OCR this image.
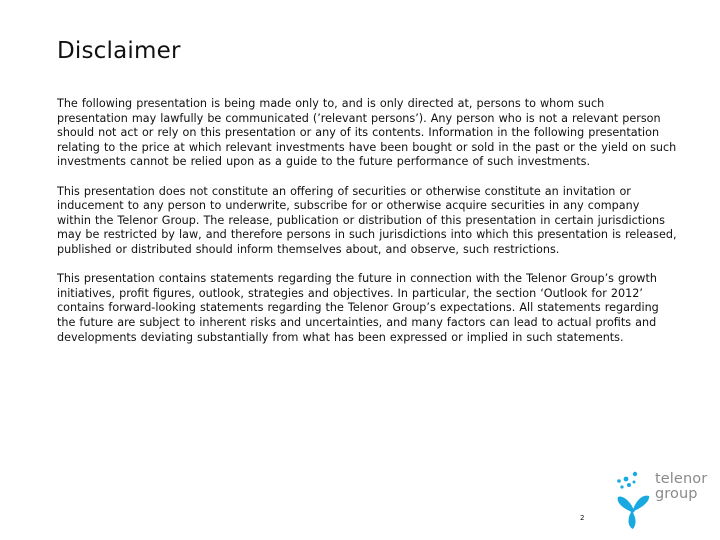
Disclaimer

The following presentation is being made only to, and is only directed at, persons to whom such presentation may lawfully be communicated (’relevant persons’). Any person who is not a relevant person should not act or rely on this presentation or any of its contents. Information in the following presentation relating to the price at which relevant investments have been bought or sold in the past or the yield on such investments cannot be relied upon as a guide to the future performance of such investments.

This presentation does not constitute an offering of securities or otherwise constitute an invitation or inducement to any person to underwrite, subscribe for or otherwise acquire securities in any company within the Telenor Group. The release, publication or distribution of this presentation in certain jurisdictions may be restricted by law, and therefore persons in such jurisdictions into which this presentation is released, published or distributed should inform themselves about, and observe, such restrictions.

This presentation contains statements regarding the future in connection with the Telenor Group’s growth initiatives, profit figures, outlook, strategies and objectives. In particular, the section ‘Outlook for 2012’ contains forward-looking statements regarding the Telenor Group’s expectations. All statements regarding the future are subject to inherent risks and uncertainties, and many factors can lead to actual profits and developments deviating substantially from what has been expressed or implied in such statements.

2
telenor
group
